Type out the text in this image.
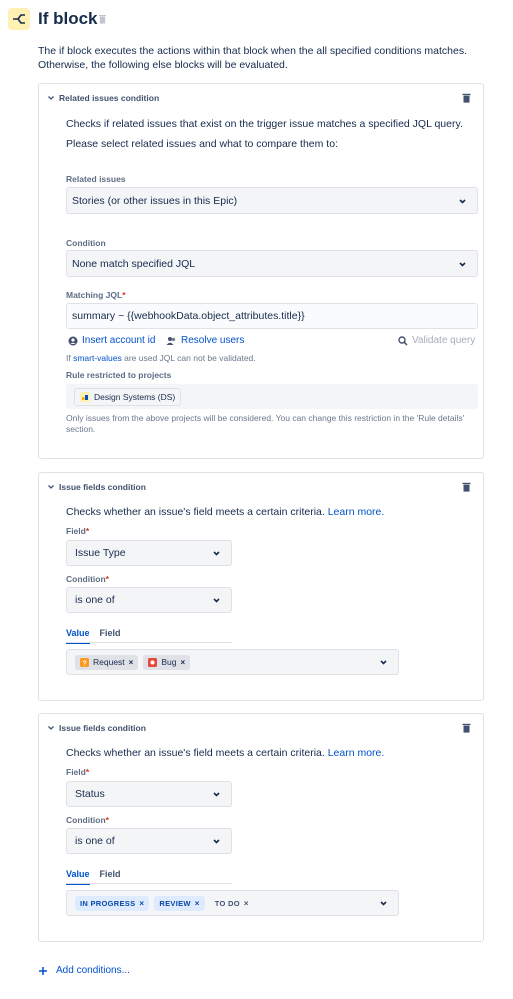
If block
The if block executes the actions within that block when the all specified conditions matches. Otherwise, the following else blocks will be evaluated.
Related issues condition
Checks if related issues that exist on the trigger issue matches a specified JQL query.
Please select related issues and what to compare them to:
Related issues
Stories (or other issues in this Epic)
Condition
None match specified JQL
Matching JQL*
summary ~ {{webhookData.object_attributes.title}}
Insert account id	Resolve users	Validate query
If smart-values are used JQL can not be validated.
Rule restricted to projects
Design Systems (DS)
Only issues from the above projects will be considered. You can change this restriction in the 'Rule details' section.
Issue fields condition
Checks whether an issue's field meets a certain criteria. Learn more.
Field*
Issue Type
Condition*
is one of
Value Field
? Request ×	Bug ×
Issue fields condition
Checks whether an issue's field meets a certain criteria. Learn more.
Field*
Status
Condition*
is one of
Value Field
IN PROGRESS × REVIEW × TO DO ×
Add conditions...
